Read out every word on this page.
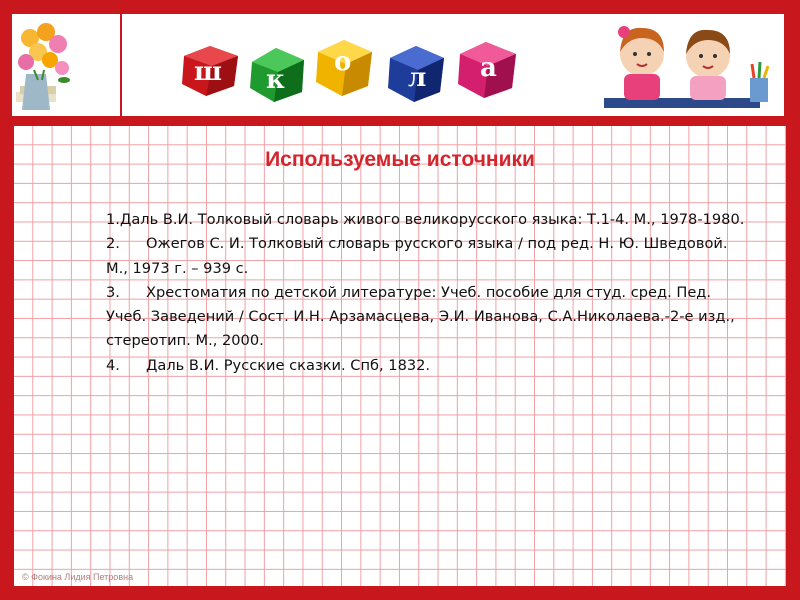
ш к
о
л а
Используемые источники
1.Даль В.И. Толковый словарь живого великорусского языка: Т.1-4. М., 1978-1980.
2. Ожегов С. И. Толковый словарь русского языка / под ред. Н. Ю. Шведовой. М., 1973 г. – 939 с.
3. Хрестоматия по детской литературе: Учеб. пособие для студ. сред. Пед. Учеб. Заведений / Сост. И.Н. Арзамасцева, Э.И. Иванова, С.А.Николаева.-2-е изд., стереотип. М., 2000.
4. Даль В.И. Русские сказки. Спб, 1832.
© Фокина Лидия Петровна
